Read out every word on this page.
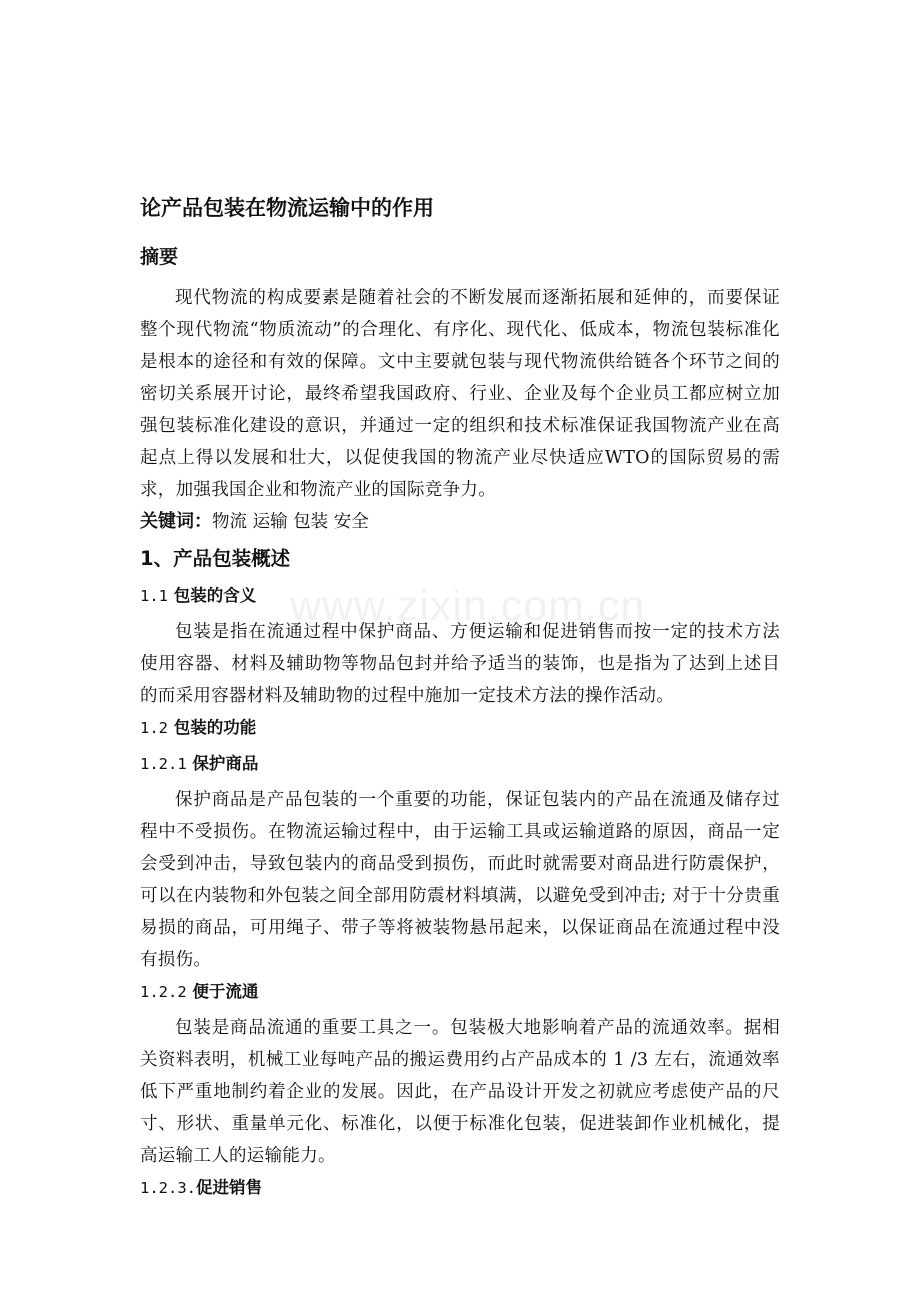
www.zixin.com.cn
论产品包装在物流运输中的作用
摘要

现代物流的构成要素是随着社会的不断发展而逐渐拓展和延伸的，而要保证整个现代物流“物质流动”的合理化、有序化、现代化、低成本，物流包装标准化是根本的途径和有效的保障。文中主要就包装与现代物流供给链各个环节之间的密切关系展开讨论，最终希望我国政府、行业、企业及每个企业员工都应树立加强包装标准化建设的意识，并通过一定的组织和技术标准保证我国物流产业在高起点上得以发展和壮大，以促使我国的物流产业尽快适应WTO的国际贸易的需求，加强我国企业和物流产业的国际竞争力。

关键词：物流 运输 包装 安全

1、产品包装概述
1.1 包装的含义

包装是指在流通过程中保护商品、方便运输和促进销售而按一定的技术方法使用容器、材料及辅助物等物品包封并给予适当的装饰，也是指为了达到上述目的而采用容器材料及辅助物的过程中施加一定技术方法的操作活动。

1.2 包装的功能
1.2.1 保护商品

保护商品是产品包装的一个重要的功能，保证包装内的产品在流通及储存过程中不受损伤。在物流运输过程中，由于运输工具或运输道路的原因，商品一定会受到冲击，导致包装内的商品受到损伤，而此时就需要对商品进行防震保护，可以在内装物和外包装之间全部用防震材料填满，以避免受到冲击; 对于十分贵重易损的商品，可用绳子、带子等将被装物悬吊起来，以保证商品在流通过程中没有损伤。

1.2.2 便于流通

包装是商品流通的重要工具之一。包装极大地影响着产品的流通效率。据相关资料表明，机械工业每吨产品的搬运费用约占产品成本的 1 /3 左右，流通效率低下严重地制约着企业的发展。因此，在产品设计开发之初就应考虑使产品的尺寸、形状、重量单元化、标准化，以便于标准化包装，促进装卸作业机械化，提高运输工人的运输能力。

1.2.3.促进销售
